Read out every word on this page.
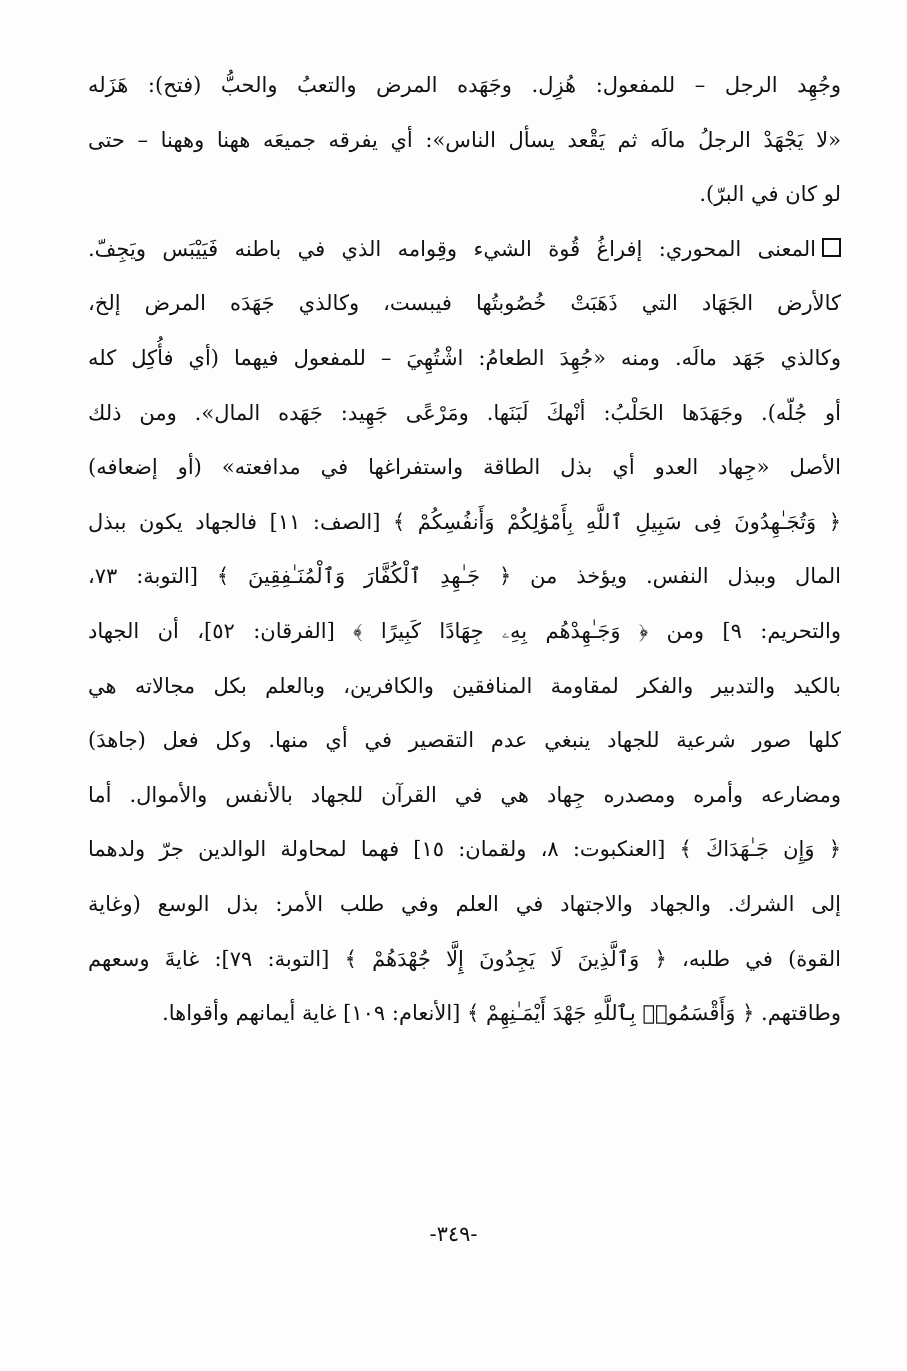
وجُهِد الرجل – للمفعول: هُزِل. وجَهَده المرض والتعبُ والحبُّ (فتح): هَزَله
«لا يَجْهَدْ الرجلُ مالَه ثم يَقْعد يسأل الناس»: أي يفرقه جميعَه ههنا وههنا – حتى
لو كان في البرّ).
المعنى المحوري: إفراغُ قُوة الشيء وقِوامه الذي في باطنه فَيَيْبَس ويَجِفّ.
كالأرض الجَهَاد التي ذَهَبَتْ خُصُوبتُها فيبست، وكالذي جَهَدَه المرض إلخ،
وكالذي جَهَد مالَه. ومنه «جُهِدَ الطعامُ: اشْتُهِيَ – للمفعول فيهما (أي فأُكِل كله
أو جُلّه). وجَهَدَها الحَلْبُ: أنْهكَ لَبَنَها. ومَرْعًى جَهِيد: جَهَده المال». ومن ذلك
الأصل «جِهاد العدو أي بذل الطاقة واستفراغها في مدافعته» (أو إضعافه)
﴿ وَتُجَـٰهِدُونَ فِى سَبِيلِ ٱللَّهِ بِأَمْوَٰلِكُمْ وَأَنفُسِكُمْ ﴾ [الصف: ١١] فالجهاد يكون ببذل
المال وببذل النفس. ويؤخذ من ﴿ جَـٰهِدِ ٱلْكُفَّارَ وَٱلْمُنَـٰفِقِينَ ﴾ [التوبة: ٧٣،
والتحريم: ٩] ومن ﴿ وَجَـٰهِدْهُم بِهِۦ جِهَادًا كَبِيرًا ﴾ [الفرقان: ٥٢]، أن الجهاد
بالكيد والتدبير والفكر لمقاومة المنافقين والكافرين، وبالعلم بكل مجالاته هي
كلها صور شرعية للجهاد ينبغي عدم التقصير في أي منها. وكل فعل (جاهدَ)
ومضارعه وأمره ومصدره جِهاد هي في القرآن للجهاد بالأنفس والأموال. أما
﴿ وَإِن جَـٰهَدَاكَ ﴾ [العنكبوت: ٨، ولقمان: ١٥] فهما لمحاولة الوالدين جرّ ولدهما
إلى الشرك. والجهاد والاجتهاد في العلم وفي طلب الأمر: بذل الوسع (وغاية
القوة) في طلبه، ﴿ وَٱلَّذِينَ لَا يَجِدُونَ إِلَّا جُهْدَهُمْ ﴾ [التوبة: ٧٩]: غايةَ وسعهم
وطاقتهم. ﴿ وَأَقْسَمُوا۟ بِٱللَّهِ جَهْدَ أَيْمَـٰنِهِمْ ﴾ [الأنعام: ١٠٩] غاية أيمانهم وأقواها.
-٣٤٩-
